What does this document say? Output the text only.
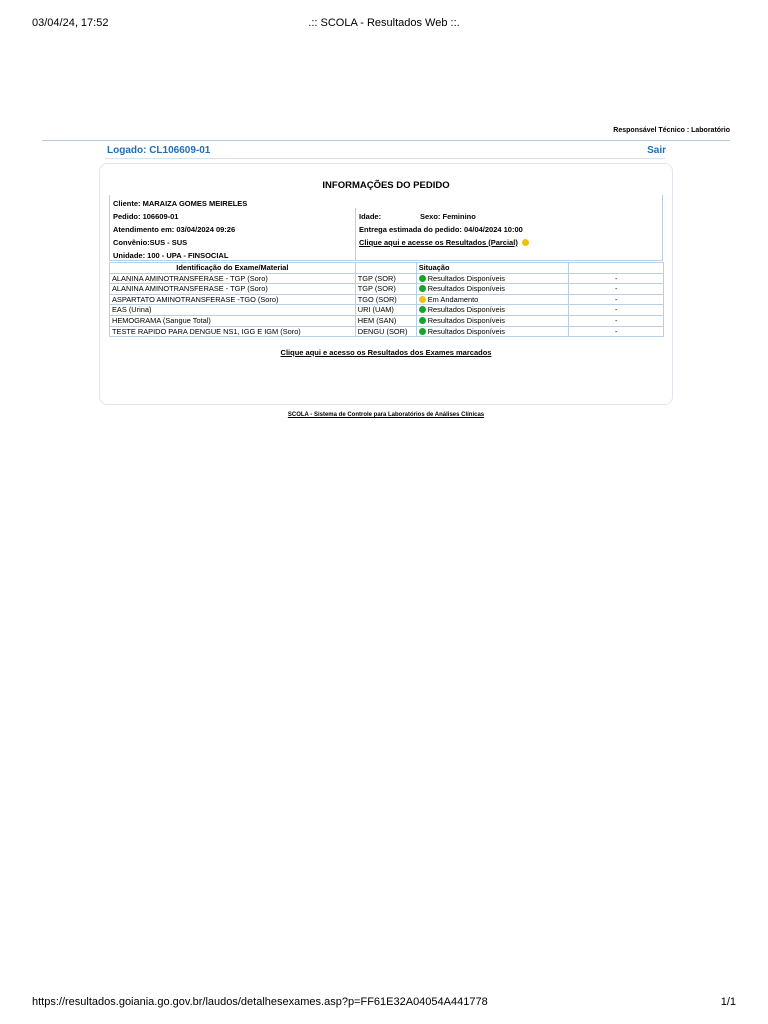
03/04/24, 17:52	.:: SCOLA - Resultados Web ::.
Responsável Técnico : Laboratório
Logado: CL106609-01	Sair
INFORMAÇÕES DO PEDIDO
Cliente: MARAIZA GOMES MEIRELES
Pedido: 106609-01
Atendimento em: 03/04/2024 09:26
Convênio:SUS - SUS
Unidade: 100 - UPA - FINSOCIAL
Idade:	Sexo: Feminino
Entrega estimada do pedido: 04/04/2024 10:00
Clique aqui e acesse os Resultados (Parcial)
Identificação do Exame/Material		Situação	
ALANINA AMINOTRANSFERASE - TGP (Soro)	TGP (SOR)	Resultados Disponíveis	-
ALANINA AMINOTRANSFERASE - TGP (Soro)	TGP (SOR)	Resultados Disponíveis	-
ASPARTATO AMINOTRANSFERASE -TGO (Soro)	TGO (SOR)	Em Andamento	-
EAS (Urina)	URI (UAM)	Resultados Disponíveis	-
HEMOGRAMA (Sangue Total)	HEM (SAN)	Resultados Disponíveis	-
TESTE RAPIDO PARA DENGUE NS1, IGG E IGM (Soro)	DENGU (SOR)	Resultados Disponíveis	-
Clique aqui e acesso os Resultados dos Exames marcados
SCOLA - Sistema de Controle para Laboratórios de Análises Clínicas
https://resultados.goiania.go.gov.br/laudos/detalhesexames.asp?p=FF61E32A04054A441778	1/1
